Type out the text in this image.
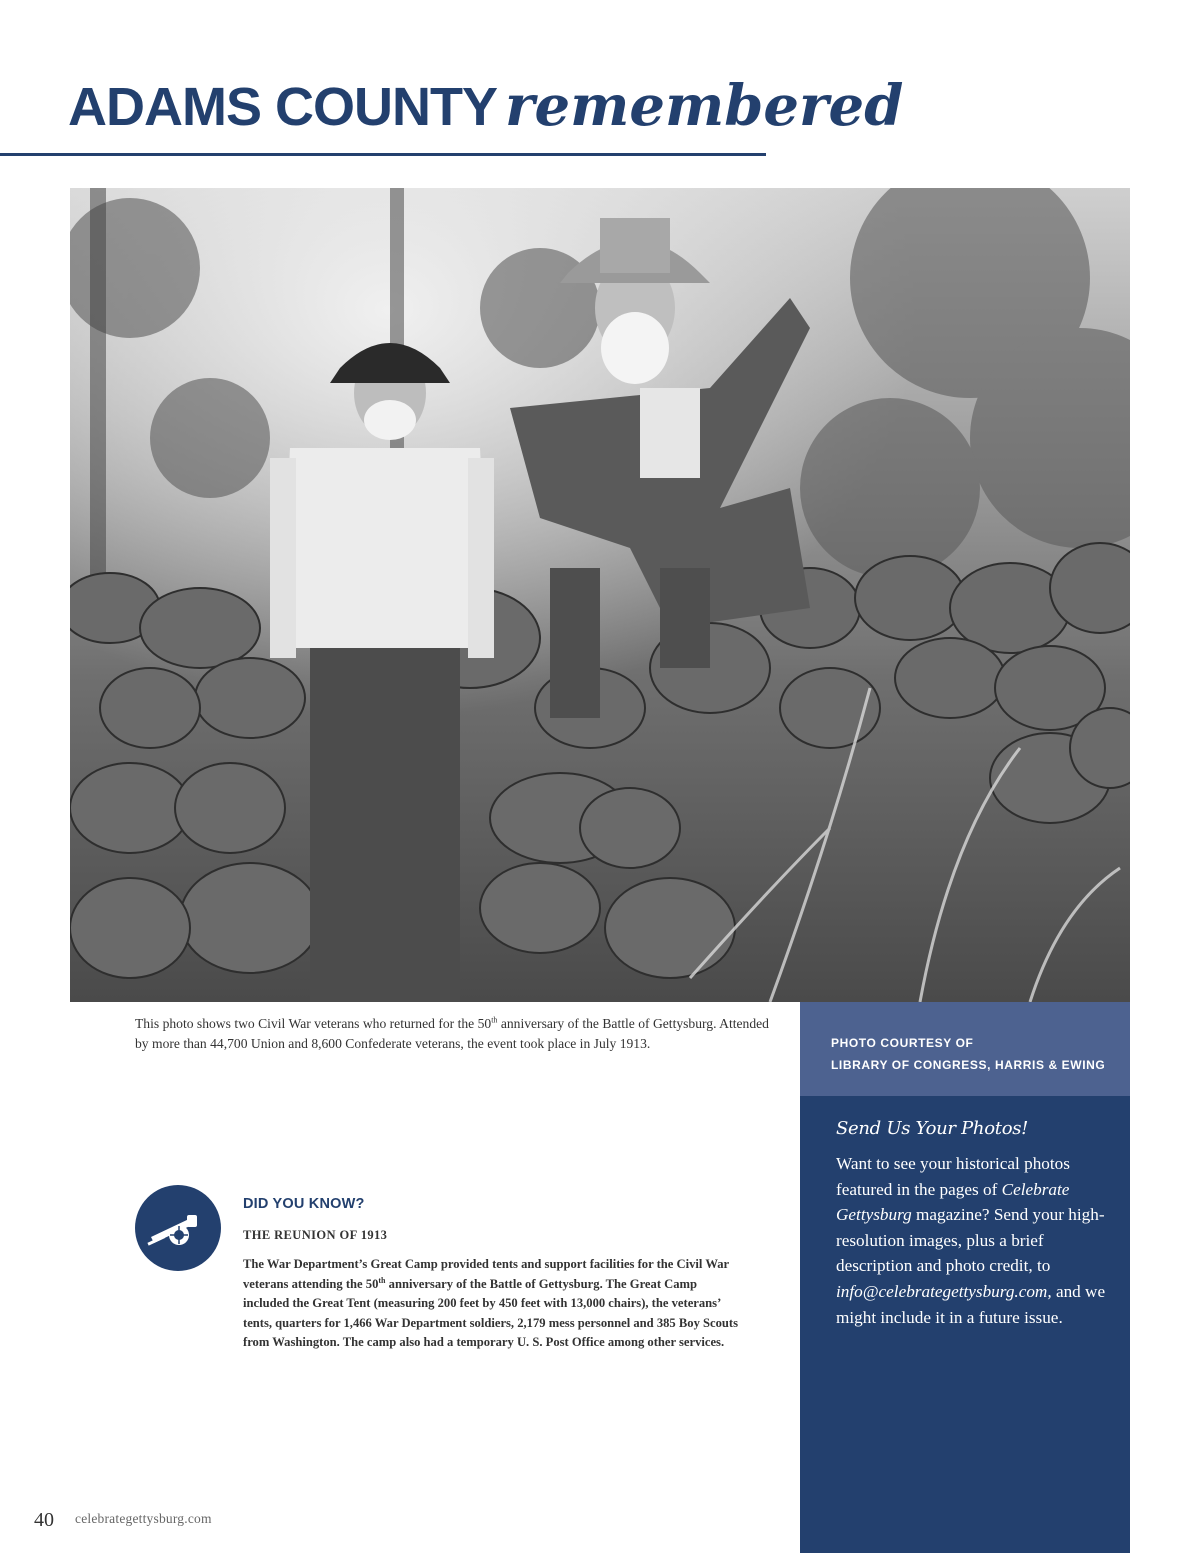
ADAMS COUNTY remembered
This photo shows two Civil War veterans who returned for the 50th anniversary of the Battle of Gettysburg. Attended by more than 44,700 Union and 8,600 Confederate veterans, the event took place in July 1913.	PHOTO COURTESY OF
LIBRARY OF CONGRESS, HARRIS & EWING

Send Us Your Photos!

Want to see your historical photos featured in the pages of Celebrate Gettysburg magazine? Send your high-resolution images, plus a brief description and photo credit, to info@celebrategettysburg.com, and we might include it in a future issue.

DID YOU KNOW?

THE REUNION OF 1913

The War Department’s Great Camp provided tents and support facilities for the Civil War veterans attending the 50th anniversary of the Battle of Gettysburg. The Great Camp included the Great Tent (measuring 200 feet by 450 feet with 13,000 chairs), the veterans’ tents, quarters for 1,466 War Department soldiers, 2,179 mess personnel and 385 Boy Scouts from Washington. The camp also had a temporary U. S. Post Office among other services.

40 celebrategettysburg.com
